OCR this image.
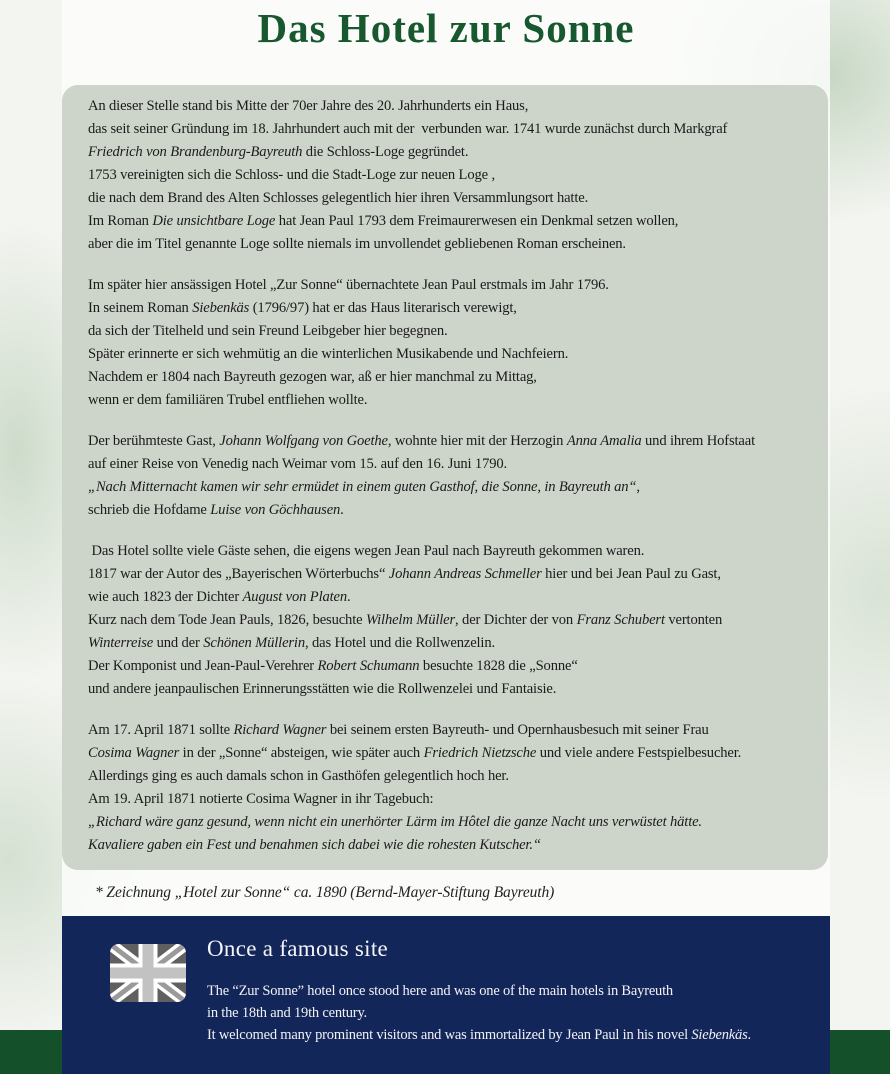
Das Hotel zur Sonne
An dieser Stelle stand bis Mitte der 70er Jahre des 20. Jahrhunderts ein Haus,
das seit seiner Gründung im 18. Jahrhundert auch mit der  verbunden war. 1741 wurde zunächst durch Markgraf
Friedrich von Brandenburg-Bayreuth die Schloss-Loge gegründet.
1753 vereinigten sich die Schloss- und die Stadt-Loge zur neuen Loge ,
die nach dem Brand des Alten Schlosses gelegentlich hier ihren Versammlungsort hatte.
Im Roman Die unsichtbare Loge hat Jean Paul 1793 dem Freimaurerwesen ein Denkmal setzen wollen,
aber die im Titel genannte Loge sollte niemals im unvollendet gebliebenen Roman erscheinen.
Im später hier ansässigen Hotel „Zur Sonne“ übernachtete Jean Paul erstmals im Jahr 1796.
In seinem Roman Siebenkäs (1796/97) hat er das Haus literarisch verewigt,
da sich der Titelheld und sein Freund Leibgeber hier begegnen.
Später erinnerte er sich wehmütig an die winterlichen Musikabende und Nachfeiern.
Nachdem er 1804 nach Bayreuth gezogen war, aß er hier manchmal zu Mittag,
wenn er dem familiären Trubel entfliehen wollte.
Der berühmteste Gast, Johann Wolfgang von Goethe, wohnte hier mit der Herzogin Anna Amalia und ihrem Hofstaat
auf einer Reise von Venedig nach Weimar vom 15. auf den 16. Juni 1790.
„Nach Mitternacht kamen wir sehr ermüdet in einem guten Gasthof, die Sonne, in Bayreuth an“,
schrieb die Hofdame Luise von Göchhausen.
Das Hotel sollte viele Gäste sehen, die eigens wegen Jean Paul nach Bayreuth gekommen waren.
1817 war der Autor des „Bayerischen Wörterbuchs“ Johann Andreas Schmeller hier und bei Jean Paul zu Gast,
wie auch 1823 der Dichter August von Platen.
Kurz nach dem Tode Jean Pauls, 1826, besuchte Wilhelm Müller, der Dichter der von Franz Schubert vertonten
Winterreise und der Schönen Müllerin, das Hotel und die Rollwenzelin.
Der Komponist und Jean-Paul-Verehrer Robert Schumann besuchte 1828 die „Sonne“
und andere jeanpaulischen Erinnerungsstätten wie die Rollwenzelei und Fantaisie.
Am 17. April 1871 sollte Richard Wagner bei seinem ersten Bayreuth- und Opernhausbesuch mit seiner Frau
Cosima Wagner in der „Sonne“ absteigen, wie später auch Friedrich Nietzsche und viele andere Festspielbesucher.
Allerdings ging es auch damals schon in Gasthöfen gelegentlich hoch her.
Am 19. April 1871 notierte Cosima Wagner in ihr Tagebuch:
„Richard wäre ganz gesund, wenn nicht ein unerhörter Lärm im Hôtel die ganze Nacht uns verwüstet hätte.
Kavaliere gaben ein Fest und benahmen sich dabei wie die rohesten Kutscher.“
* Zeichnung „Hotel zur Sonne“ ca. 1890 (Bernd-Mayer-Stiftung Bayreuth)
Once a famous site
The “Zur Sonne” hotel once stood here and was one of the main hotels in Bayreuth
in the 18th and 19th century.
It welcomed many prominent visitors and was immortalized by Jean Paul in his novel Siebenkäs.
